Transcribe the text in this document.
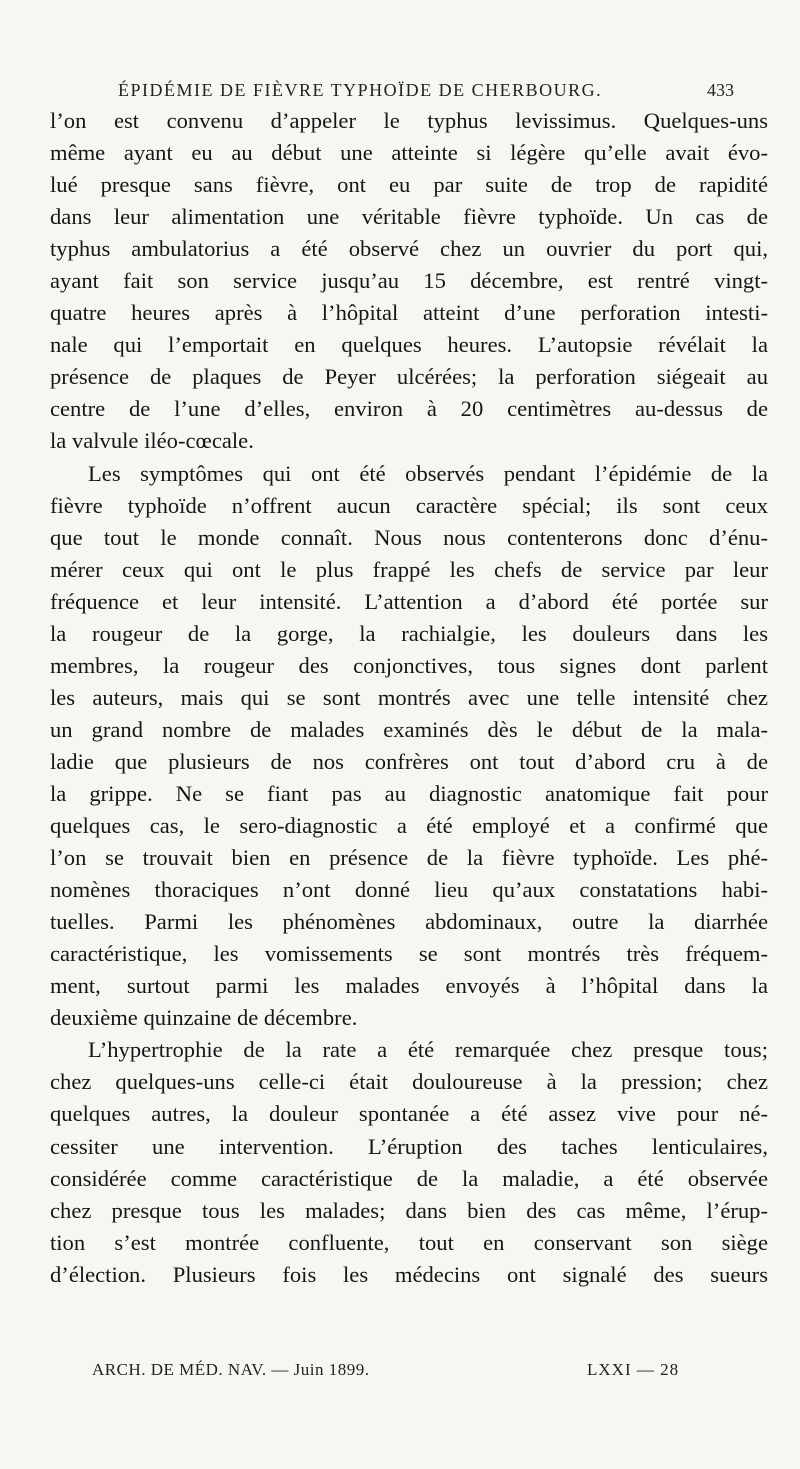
ÉPIDÉMIE DE FIÈVRE TYPHOÏDE DE CHERBOURG.	433
l’on est convenu d’appeler le typhus levissimus. Quelques-uns
même ayant eu au début une atteinte si légère qu’elle avait évo-
lué presque sans fièvre, ont eu par suite de trop de rapidité
dans leur alimentation une véritable fièvre typhoïde. Un cas de
typhus ambulatorius a été observé chez un ouvrier du port qui,
ayant fait son service jusqu’au 15 décembre, est rentré vingt-
quatre heures après à l’hôpital atteint d’une perforation intesti-
nale qui l’emportait en quelques heures. L’autopsie révélait la
présence de plaques de Peyer ulcérées; la perforation siégeait au
centre de l’une d’elles, environ à 20 centimètres au-dessus de
la valvule iléo-cœcale.
Les symptômes qui ont été observés pendant l’épidémie de la
fièvre typhoïde n’offrent aucun caractère spécial; ils sont ceux
que tout le monde connaît. Nous nous contenterons donc d’énu-
mérer ceux qui ont le plus frappé les chefs de service par leur
fréquence et leur intensité. L’attention a d’abord été portée sur
la rougeur de la gorge, la rachialgie, les douleurs dans les
membres, la rougeur des conjonctives, tous signes dont parlent
les auteurs, mais qui se sont montrés avec une telle intensité chez
un grand nombre de malades examinés dès le début de la mala-
ladie que plusieurs de nos confrères ont tout d’abord cru à de
la grippe. Ne se fiant pas au diagnostic anatomique fait pour
quelques cas, le sero-diagnostic a été employé et a confirmé que
l’on se trouvait bien en présence de la fièvre typhoïde. Les phé-
nomènes thoraciques n’ont donné lieu qu’aux constatations habi-
tuelles. Parmi les phénomènes abdominaux, outre la diarrhée
caractéristique, les vomissements se sont montrés très fréquem-
ment, surtout parmi les malades envoyés à l’hôpital dans la
deuxième quinzaine de décembre.
L’hypertrophie de la rate a été remarquée chez presque tous;
chez quelques-uns celle-ci était douloureuse à la pression; chez
quelques autres, la douleur spontanée a été assez vive pour né-
cessiter une intervention. L’éruption des taches lenticulaires,
considérée comme caractéristique de la maladie, a été observée
chez presque tous les malades; dans bien des cas même, l’érup-
tion s’est montrée confluente, tout en conservant son siège
d’élection. Plusieurs fois les médecins ont signalé des sueurs
ARCH. DE MÉD. NAV. — Juin 1899.	LXXI — 28
